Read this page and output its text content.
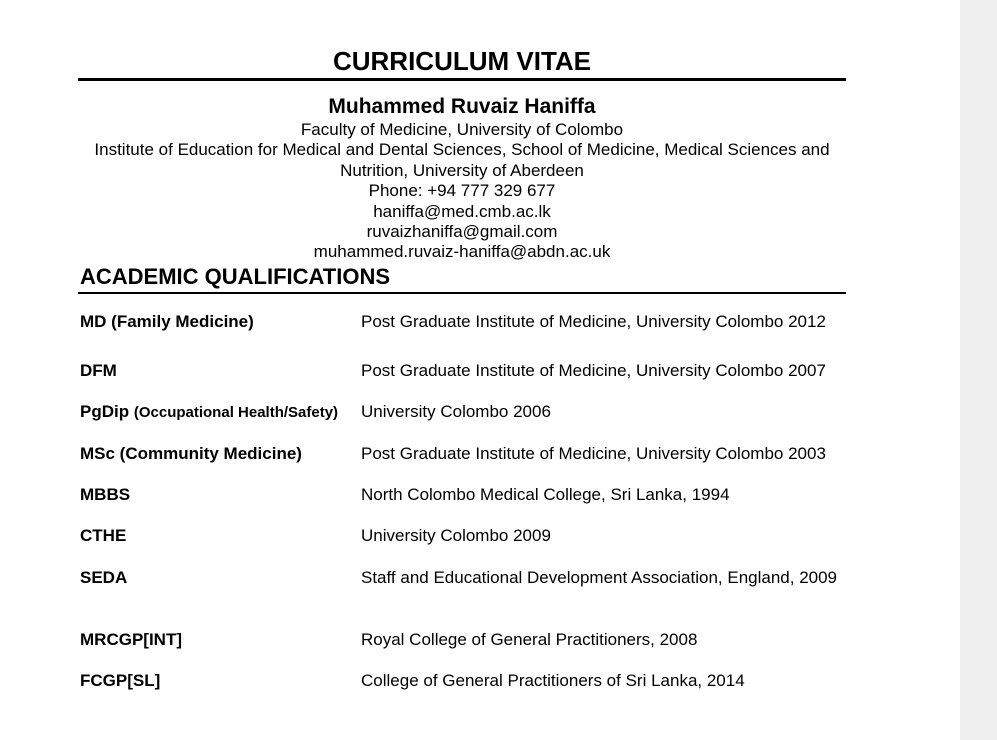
CURRICULUM VITAE
Muhammed Ruvaiz Haniffa
Faculty of Medicine, University of Colombo
Institute of Education for Medical and Dental Sciences, School of Medicine, Medical Sciences and
Nutrition, University of Aberdeen
Phone: +94 777 329 677
haniffa@med.cmb.ac.lk
ruvaizhaniffa@gmail.com
muhammed.ruvaiz-haniffa@abdn.ac.uk
ACADEMIC QUALIFICATIONS
MD (Family Medicine)	Post Graduate Institute of Medicine, University Colombo 2012
DFM	Post Graduate Institute of Medicine, University Colombo 2007
PgDip (Occupational Health/Safety)	University Colombo 2006
MSc (Community Medicine)	Post Graduate Institute of Medicine, University Colombo 2003
MBBS	North Colombo Medical College, Sri Lanka, 1994
CTHE	University Colombo 2009
SEDA	Staff and Educational Development Association, England, 2009
MRCGP[INT]	Royal College of General Practitioners, 2008
FCGP[SL]	College of General Practitioners of Sri Lanka, 2014
